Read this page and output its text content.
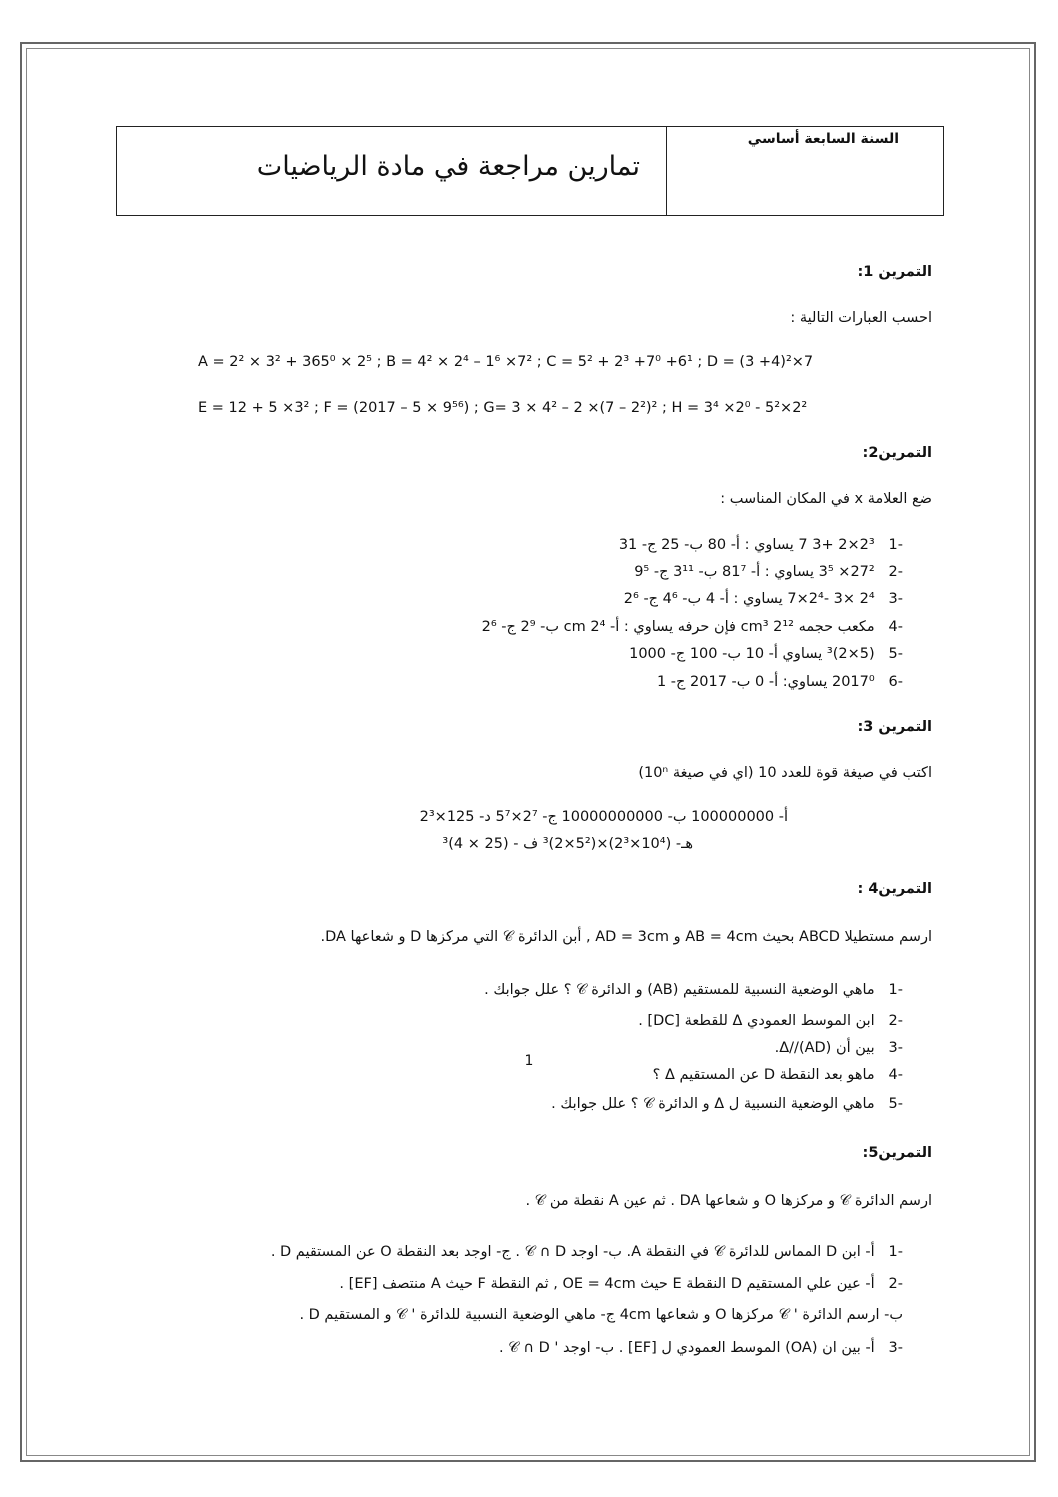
تمارين مراجعة في مادة الرياضيات
السنة السابعة أساسي
التمرين 1:
احسب العبارات التالية :
A = 2² × 3² + 365⁰ × 2⁵ ; B = 4² × 2⁴ – 1⁶ ×7² ; C = 5² + 2³ +7⁰ +6¹ ; D = (3 +4)²×7
E = 12 + 5 ×3² ; F = (2017 – 5 × 9⁵⁶) ; G= 3 × 4² – 2 ×(7 – 2²)² ; H = 3⁴ ×2⁰ - 5²×2²
التمرين2:
ضع العلامة x في المكان المناسب :
-1   2³×2 +3 7 يساوي : أ- 80 ب- 25 ج- 31
-2   27²× 3⁵ يساوي : أ- 81⁷ ب- 3¹¹ ج- 9⁵
-3   2⁴ ×3 -2⁴×7 يساوي : أ- 4 ب- 4⁶ ج- 2⁶
-4   مكعب حجمه cm³ 2¹² فإن حرفه يساوي : أ- 2⁴ cm ب- 2⁹ ج- 2⁶
-5   (5×2)³ يساوي أ- 10 ب- 100 ج- 1000
-6   2017⁰ يساوي: أ- 0 ب- 2017 ج- 1
التمرين 3:
اكتب في صيغة قوة للعدد 10 (اي في صيغة 10ⁿ)
أ- 100000000 ب- 10000000000 ج- 2⁷×5⁷ د- 125×2³
هـ- (10⁴×2³)×(5²×2)³ ف - (25 × 4)³
التمرين4 :
ارسم مستطيلا ABCD بحيث AB = 4cm و AD = 3cm , أبن الدائرة 𝒞 التي مركزها D و شعاعها DA.
-1   ماهي الوضعية النسبية للمستقيم (AB) و الدائرة 𝒞 ؟ علل جوابك .
-2   ابن الموسط العمودي Δ للقطعة [DC] .
-3   بين أن Δ//(AD).
-4   ماهو بعد النقطة D عن المستقيم Δ ؟
-5   ماهي الوضعية النسبية ل Δ و الدائرة 𝒞 ؟ علل جوابك .
التمرين5:
ارسم الدائرة 𝒞 و مركزها O و شعاعها DA . ثم عين A نقطة من 𝒞 .
-1   أ- ابن D المماس للدائرة 𝒞 في النقطة A. ب- اوجد 𝒞 ∩ D . ج- اوجد بعد النقطة O عن المستقيم D .
-2   أ- عين علي المستقيم D النقطة E حيث OE = 4cm , ثم النقطة F حيث A منتصف [EF] .
ب- ارسم الدائرة ' 𝒞 مركزها O و شعاعها 4cm ج- ماهي الوضعية النسبية للدائرة ' 𝒞 و المستقيم D .
-3   أ- بين ان (OA) الموسط العمودي ل [EF] . ب- اوجد ' 𝒞 ∩ D .
1
